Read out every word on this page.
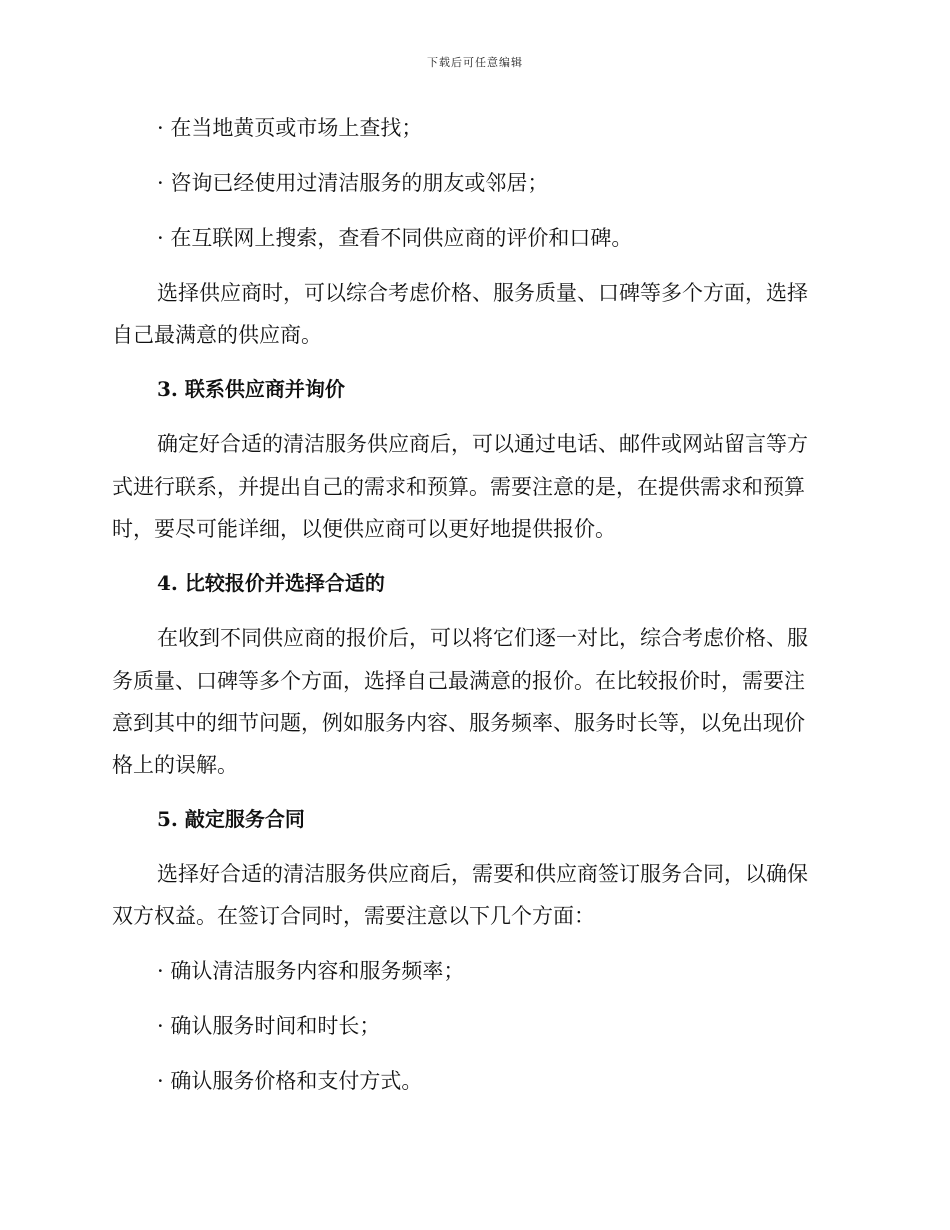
下载后可任意编辑
· 在当地黄页或市场上查找；
· 咨询已经使用过清洁服务的朋友或邻居；
· 在互联网上搜索，查看不同供应商的评价和口碑。
选择供应商时，可以综合考虑价格、服务质量、口碑等多个方面，选择
自己最满意的供应商。
3. 联系供应商并询价
确定好合适的清洁服务供应商后，可以通过电话、邮件或网站留言等方
式进行联系，并提出自己的需求和预算。需要注意的是，在提供需求和预算
时，要尽可能详细，以便供应商可以更好地提供报价。
4. 比较报价并选择合适的
在收到不同供应商的报价后，可以将它们逐一对比，综合考虑价格、服
务质量、口碑等多个方面，选择自己最满意的报价。在比较报价时，需要注
意到其中的细节问题，例如服务内容、服务频率、服务时长等，以免出现价
格上的误解。
5. 敲定服务合同
选择好合适的清洁服务供应商后，需要和供应商签订服务合同，以确保
双方权益。在签订合同时，需要注意以下几个方面：
· 确认清洁服务内容和服务频率；
· 确认服务时间和时长；
· 确认服务价格和支付方式。
